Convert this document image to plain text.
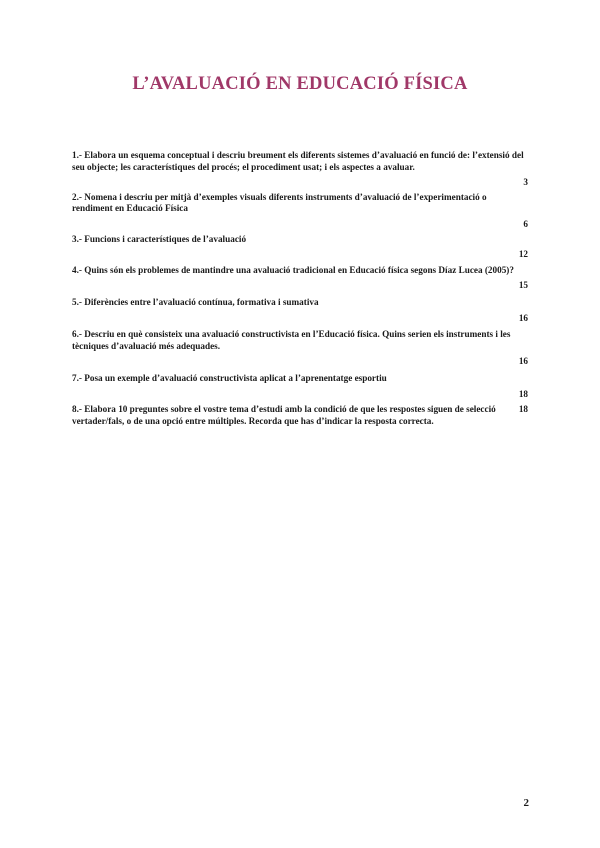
L’AVALUACIÓ EN EDUCACIÓ FÍSICA
1.- Elabora un esquema conceptual i descriu breument els diferents sistemes d’avaluació en funció de: l’extensió del seu objecte; les característiques del procés; el procediment usat; i els aspectes a avaluar.
3
2.- Nomena i descriu per mitjà d’exemples visuals diferents instruments d’avaluació de l’experimentació o rendiment en Educació Física
6
3.- Funcions i característiques de l’avaluació
12
4.- Quins són els problemes de mantindre una avaluació tradicional en Educació física segons Díaz Lucea (2005)?
15
5.- Diferències entre l’avaluació contínua, formativa i sumativa
16
6.- Descriu en què consisteix una avaluació constructivista en l’Educació física. Quins serien els instruments i les tècniques d’avaluació més adequades.
16
7.- Posa un exemple d’avaluació constructivista aplicat a l’aprenentatge esportiu
18
18
8.- Elabora 10 preguntes sobre el vostre tema d’estudi amb la condició de que les respostes siguen de selecció vertader/fals, o de una opció entre múltiples. Recorda que has d’indicar la resposta correcta.
2
